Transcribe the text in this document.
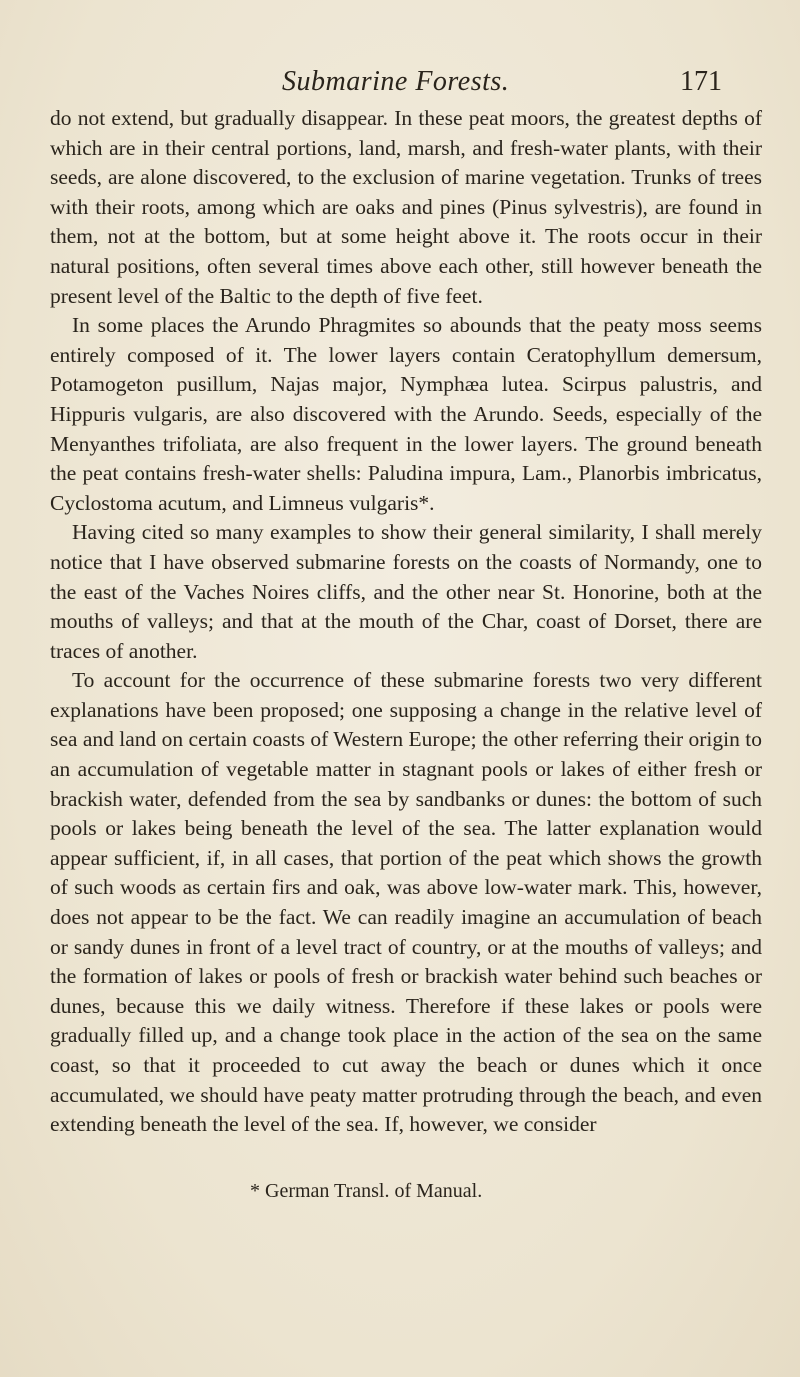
Submarine Forests.	171

do not extend, but gradually disappear. In these peat moors, the greatest depths of which are in their central portions, land, marsh, and fresh-water plants, with their seeds, are alone discovered, to the exclusion of marine vegetation. Trunks of trees with their roots, among which are oaks and pines (Pinus sylvestris), are found in them, not at the bottom, but at some height above it. The roots occur in their natural positions, often several times above each other, still however beneath the present level of the Baltic to the depth of five feet.

In some places the Arundo Phragmites so abounds that the peaty moss seems entirely composed of it. The lower layers contain Ceratophyllum demersum, Potamogeton pusillum, Najas major, Nymphæa lutea. Scirpus palustris, and Hippuris vulgaris, are also discovered with the Arundo. Seeds, especially of the Menyanthes trifoliata, are also frequent in the lower layers. The ground beneath the peat contains fresh-water shells: Paludina impura, Lam., Planorbis imbricatus, Cyclostoma acutum, and Limneus vulgaris*.

Having cited so many examples to show their general similarity, I shall merely notice that I have observed submarine forests on the coasts of Normandy, one to the east of the Vaches Noires cliffs, and the other near St. Honorine, both at the mouths of valleys; and that at the mouth of the Char, coast of Dorset, there are traces of another.

To account for the occurrence of these submarine forests two very different explanations have been proposed; one supposing a change in the relative level of sea and land on certain coasts of Western Europe; the other referring their origin to an accumulation of vegetable matter in stagnant pools or lakes of either fresh or brackish water, defended from the sea by sandbanks or dunes: the bottom of such pools or lakes being beneath the level of the sea. The latter explanation would appear sufficient, if, in all cases, that portion of the peat which shows the growth of such woods as certain firs and oak, was above low-water mark. This, however, does not appear to be the fact. We can readily imagine an accumulation of beach or sandy dunes in front of a level tract of country, or at the mouths of valleys; and the formation of lakes or pools of fresh or brackish water behind such beaches or dunes, because this we daily witness. Therefore if these lakes or pools were gradually filled up, and a change took place in the action of the sea on the same coast, so that it proceeded to cut away the beach or dunes which it once accumulated, we should have peaty matter protruding through the beach, and even extending beneath the level of the sea. If, however, we consider

* German Transl. of Manual.
